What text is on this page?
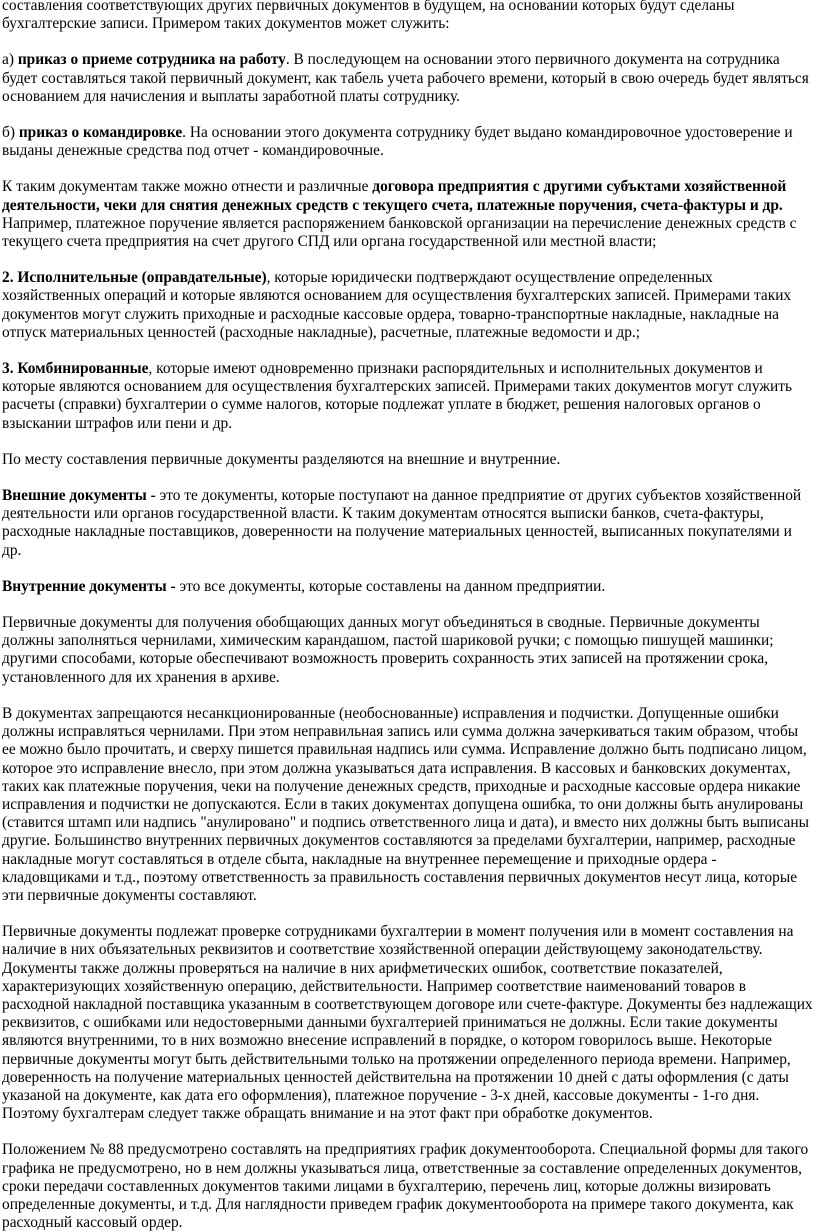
составления соответствующих других первичных документов в будущем, на основании которых будут сделаны бухгалтерские записи. Примером таких документов может служить:

а) приказ о приеме сотрудника на работу. В последующем на основании этого первичного документа на сотрудника будет составляться такой первичный документ, как табель учета рабочего времени, который в свою очередь будет являться основанием для начисления и выплаты заработной платы сотруднику.

б) приказ о командировке. На основании этого документа сотруднику будет выдано командировочное удостоверение и выданы денежные средства под отчет - командировочные.

К таким документам также можно отнести и различные договора предприятия с другими субъктами хозяйственной деятельности, чеки для снятия денежных средств с текущего счета, платежные поручения, счета-фактуры и др. Например, платежное поручение является распоряжением банковской организации на перечисление денежных средств с текущего счета предприятия на счет другого СПД или органа государственной или местной власти;

2. Исполнительные (оправдательные), которые юридически подтверждают осуществление определенных хозяйственных операций и которые являются основанием для осуществления бухгалтерских записей. Примерами таких документов могут служить приходные и расходные кассовые ордера, товарно-транспортные накладные, накладные на отпуск материальных ценностей (расходные накладные), расчетные, платежные ведомости и др.;

3. Комбинированные, которые имеют одновременно признаки распорядительных и исполнительных документов и которые являются основанием для осуществления бухгалтерских записей. Примерами таких документов могут служить расчеты (справки) бухгалтерии о сумме налогов, которые подлежат уплате в бюджет, решения налоговых органов о взыскании штрафов или пени и др.

По месту составления первичные документы разделяются на внешние и внутренние.

Внешние документы - это те документы, которые поступают на данное предприятие от других субъектов хозяйственной деятельности или органов государственной власти. К таким документам относятся выписки банков, счета-фактуры, расходные накладные поставщиков, доверенности на получение материальных ценностей, выписанных покупателями и др.

Внутренние документы - это все документы, которые составлены на данном предприятии.

Первичные документы для получения обобщающих данных могут объединяться в сводные. Первичные документы должны заполняться чернилами, химическим карандашом, пастой шариковой ручки; с помощью пишущей машинки; другими способами, которые обеспечивают возможность проверить сохранность этих записей на протяжении срока, установленного для их хранения в архиве.

В документах запрещаются несанкционированные (необоснованные) исправления и подчистки. Допущенные ошибки должны исправляться чернилами. При этом неправильная запись или сумма должна зачеркиваться таким образом, чтобы ее можно было прочитать, и сверху пишется правильная надпись или сумма. Исправление должно быть подписано лицом, которое это исправление внесло, при этом должна указываться дата исправления. В кассовых и банковских документах, таких как платежные поручения, чеки на получение денежных средств, приходные и расходные кассовые ордера никакие исправления и подчистки не допускаются. Если в таких документах допущена ошибка, то они должны быть анулированы (ставится штамп или надпись "анулировано" и подпись ответственного лица и дата), и вместо них должны быть выписаны другие. Большинство внутренних первичных документов составляются за пределами бухгалтерии, например, расходные накладные могут составляться в отделе сбыта, накладные на внутреннее перемещение и приходные ордера - кладовщиками и т.д., поэтому ответственность за правильность составления первичных документов несут лица, которые эти первичные документы составляют.

Первичные документы подлежат проверке сотрудниками бухгалтерии в момент получения или в момент составления на наличие в них объязательных реквизитов и соответствие хозяйственной операции действующему законодательству. Документы также должны проверяться на наличие в них арифметических ошибок, соответствие показателей, характеризующих хозяйственную операцию, действительности. Например соответствие наименований товаров в расходной накладной поставщика указанным в соответствующем договоре или счете-фактуре. Документы без надлежащих реквизитов, с ошибками или недостоверными данными бухгалтерией приниматься не должны. Если такие документы являются внутренними, то в них возможно внесение исправлений в порядке, о котором говорилось выше. Некоторые первичные документы могут быть действительными только на протяжении определенного периода времени. Например, доверенность на получение материальных ценностей действительна на протяжении 10 дней с даты оформления (с даты указаной на документе, как дата его оформления), платежное поручение - 3-х дней, кассовые документы - 1-го дня. Поэтому бухгалтерам следует также обращать внимание и на этот факт при обработке документов.

Положением № 88 предусмотрено составлять на предприятиях график документооборота. Специальной формы для такого графика не предусмотрено, но в нем должны указываться лица, ответственные за составление определенных документов, сроки передачи составленных документов такими лицами в бухгалтерию, перечень лиц, которые должны визировать определенные документы, и т.д. Для наглядности приведем график документооборота на примере такого документа, как расходный кассовый ордер.
